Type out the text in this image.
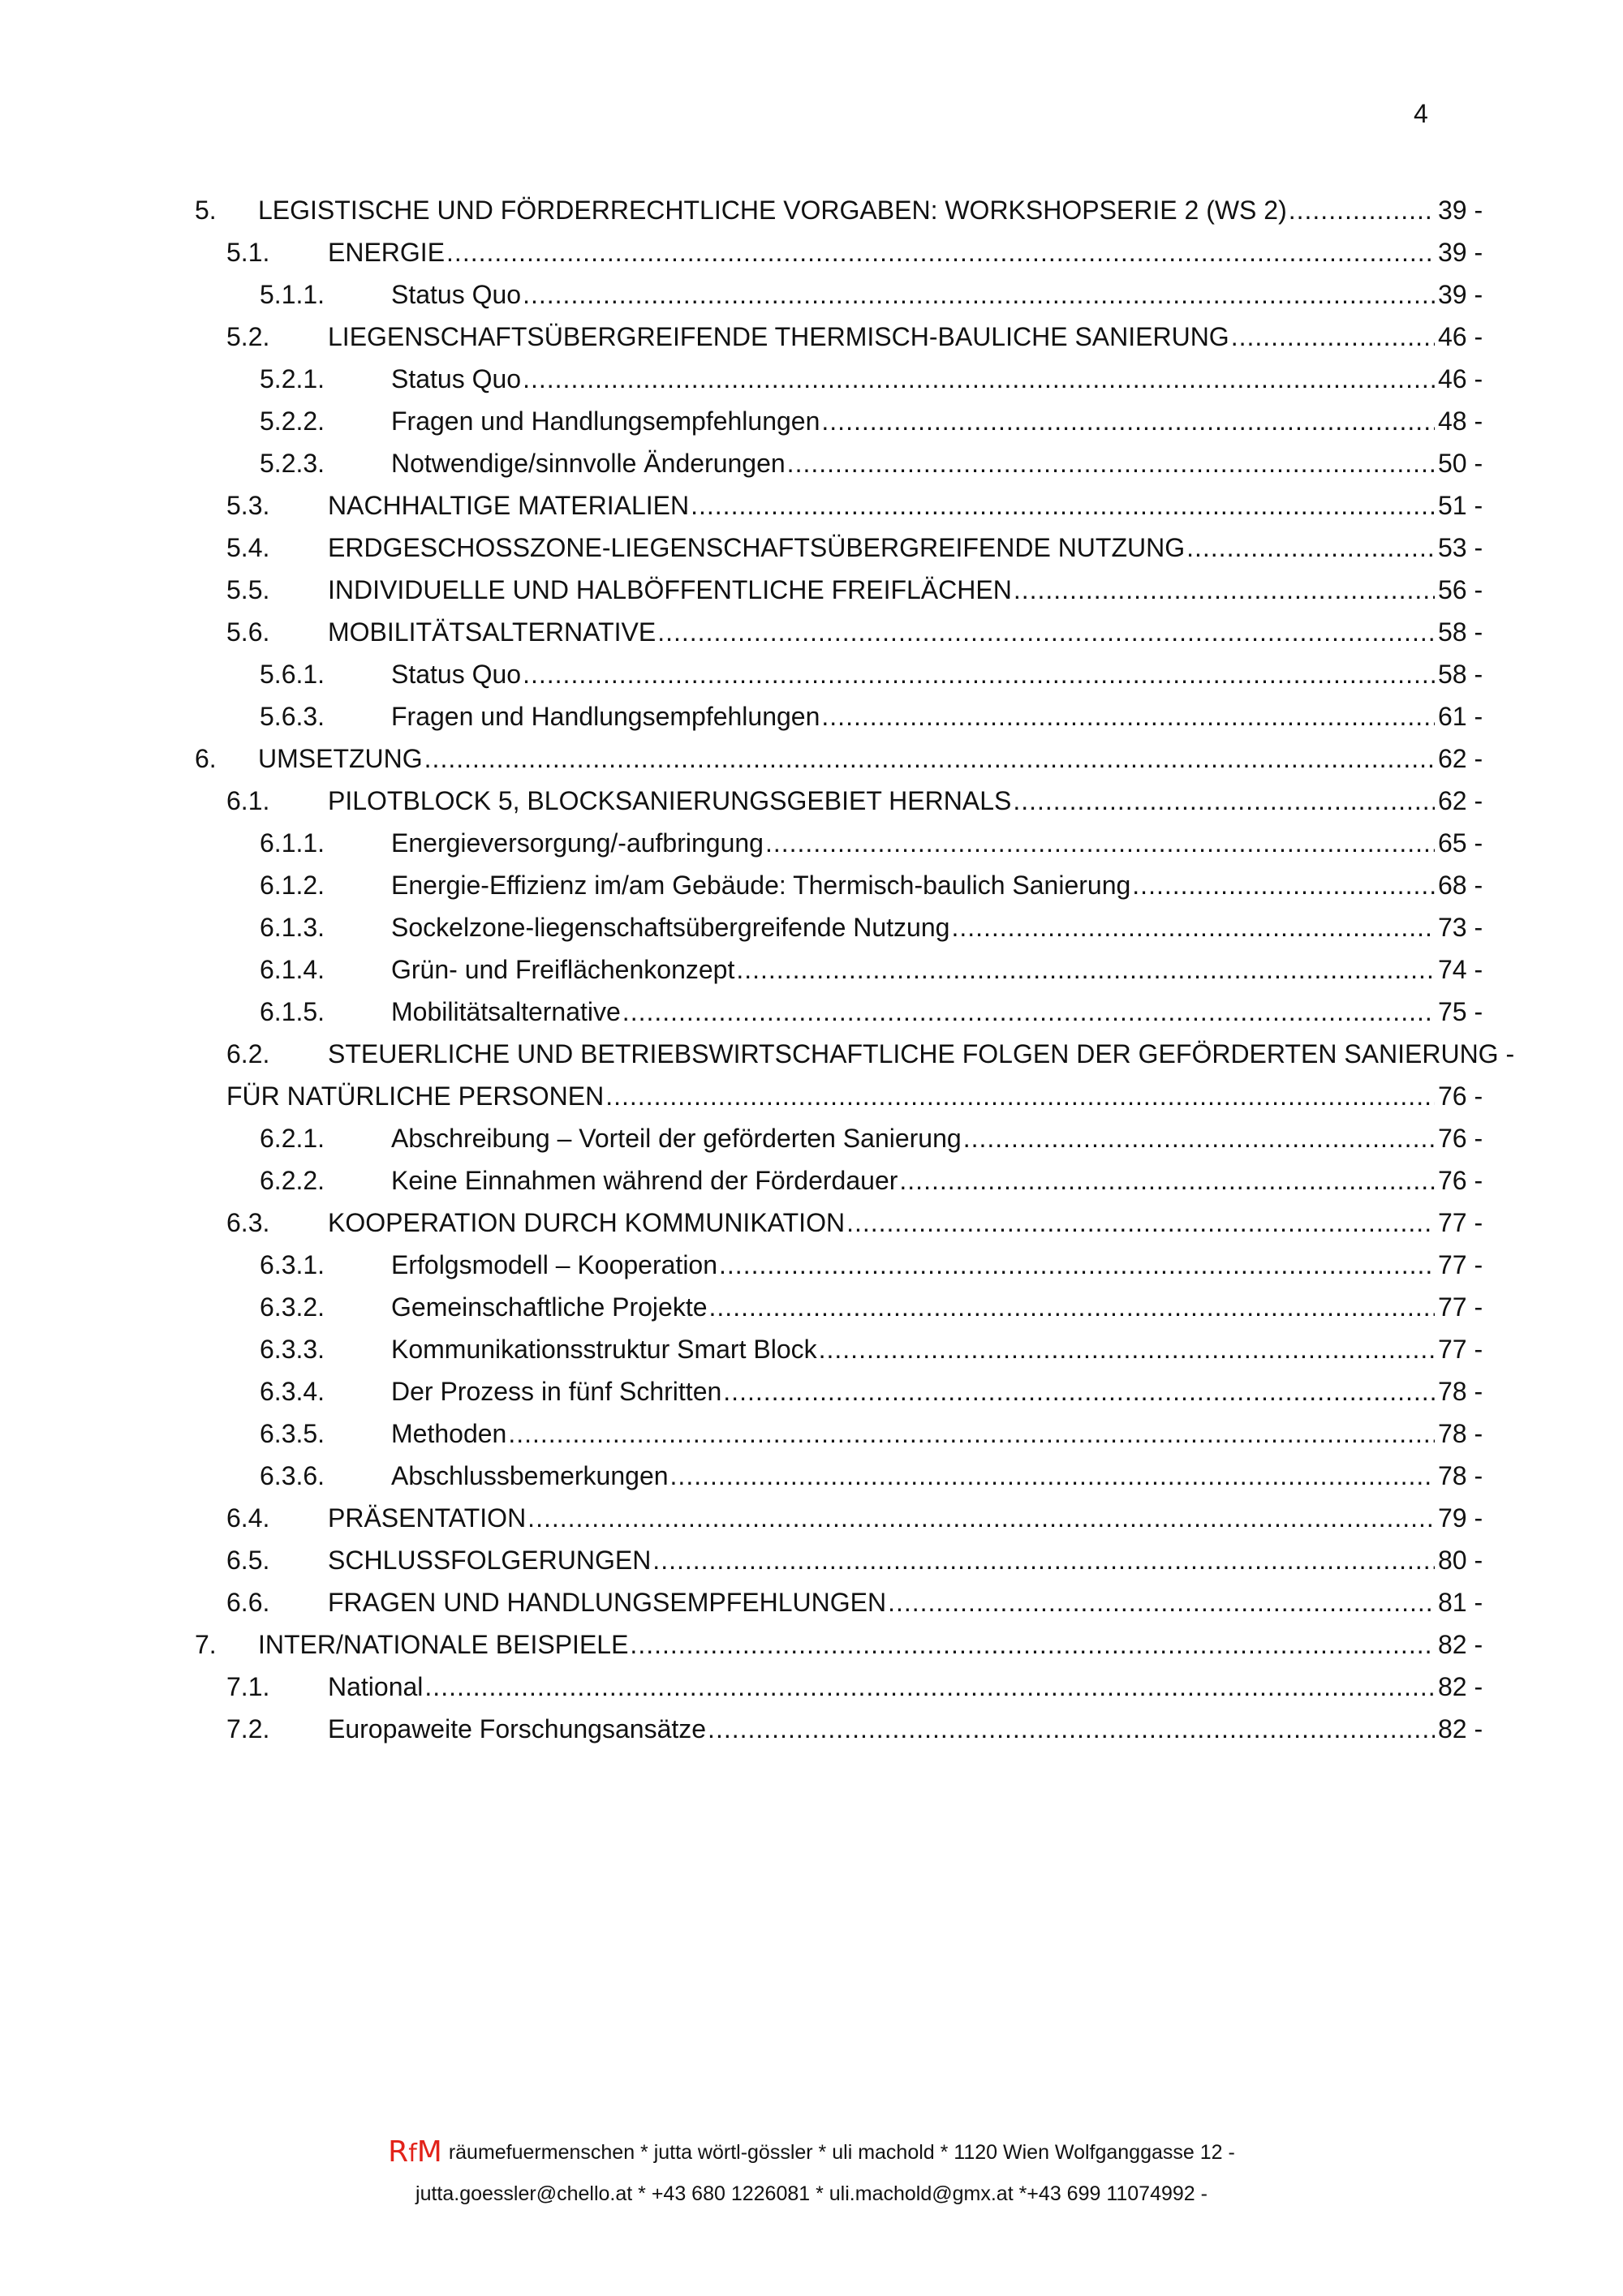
4
5. LEGISTISCHE UND FÖRDERRECHTLICHE VORGABEN: WORKSHOPSERIE 2 (WS 2) .....	39 -
5.1. ENERGIE .....	39 -
5.1.1.	Status Quo .....	39 -
5.2. LIEGENSCHAFTSÜBERGREIFENDE THERMISCH-BAULICHE SANIERUNG .....	46 -
5.2.1.	Status Quo .....	46 -
5.2.2.	Fragen und Handlungsempfehlungen .....	48 -
5.2.3.	Notwendige/sinnvolle Änderungen .....	50 -
5.3. NACHHALTIGE MATERIALIEN .....	51 -
5.4. ERDGESCHOSSZONE-LIEGENSCHAFTSÜBERGREIFENDE NUTZUNG .....	53 -
5.5. INDIVIDUELLE UND HALBÖFFENTLICHE FREIFLÄCHEN .....	56 -
5.6. MOBILITÄTSALTERNATIVE .....	58 -
5.6.1.	Status Quo .....	58 -
5.6.3.	Fragen und Handlungsempfehlungen .....	61 -
6. UMSETZUNG .....	62 -
6.1. PILOTBLOCK 5, BLOCKSANIERUNGSGEBIET HERNALS .....	62 -
6.1.1.	Energieversorgung/-aufbringung .....	65 -
6.1.2.	Energie-Effizienz im/am Gebäude: Thermisch-baulich Sanierung .....	68 -
6.1.3.	Sockelzone-liegenschaftsübergreifende Nutzung .....	73 -
6.1.4.	Grün- und Freiflächenkonzept .....	74 -
6.1.5.	Mobilitätsalternative .....	75 -
6.2. STEUERLICHE UND BETRIEBSWIRTSCHAFTLICHE FOLGEN DER GEFÖRDERTEN SANIERUNG -
FÜR NATÜRLICHE PERSONEN .....	76 -
6.2.1.	Abschreibung – Vorteil der geförderten Sanierung .....	76 -
6.2.2.	Keine Einnahmen während der Förderdauer .....	76 -
6.3. KOOPERATION DURCH KOMMUNIKATION .....	77 -
6.3.1.	Erfolgsmodell – Kooperation .....	77 -
6.3.2.	Gemeinschaftliche Projekte .....	77 -
6.3.3.	Kommunikationsstruktur Smart Block .....	77 -
6.3.4.	Der Prozess in fünf Schritten .....	78 -
6.3.5.	Methoden .....	78 -
6.3.6.	Abschlussbemerkungen .....	78 -
6.4. PRÄSENTATION .....	79 -
6.5. SCHLUSSFOLGERUNGEN .....	80 -
6.6. FRAGEN UND HANDLUNGSEMPFEHLUNGEN .....	81 -
7. INTER/NATIONALE BEISPIELE .....	82 -
7.1. National .....	82 -
7.2. Europaweite Forschungsansätze .....	82 -
RfM räumefuermenschen * jutta wörtl-gössler * uli machold * 1120 Wien Wolfganggasse 12 -
jutta.goessler@chello.at * +43 680 1226081 * uli.machold@gmx.at *+43 699 11074992 -
